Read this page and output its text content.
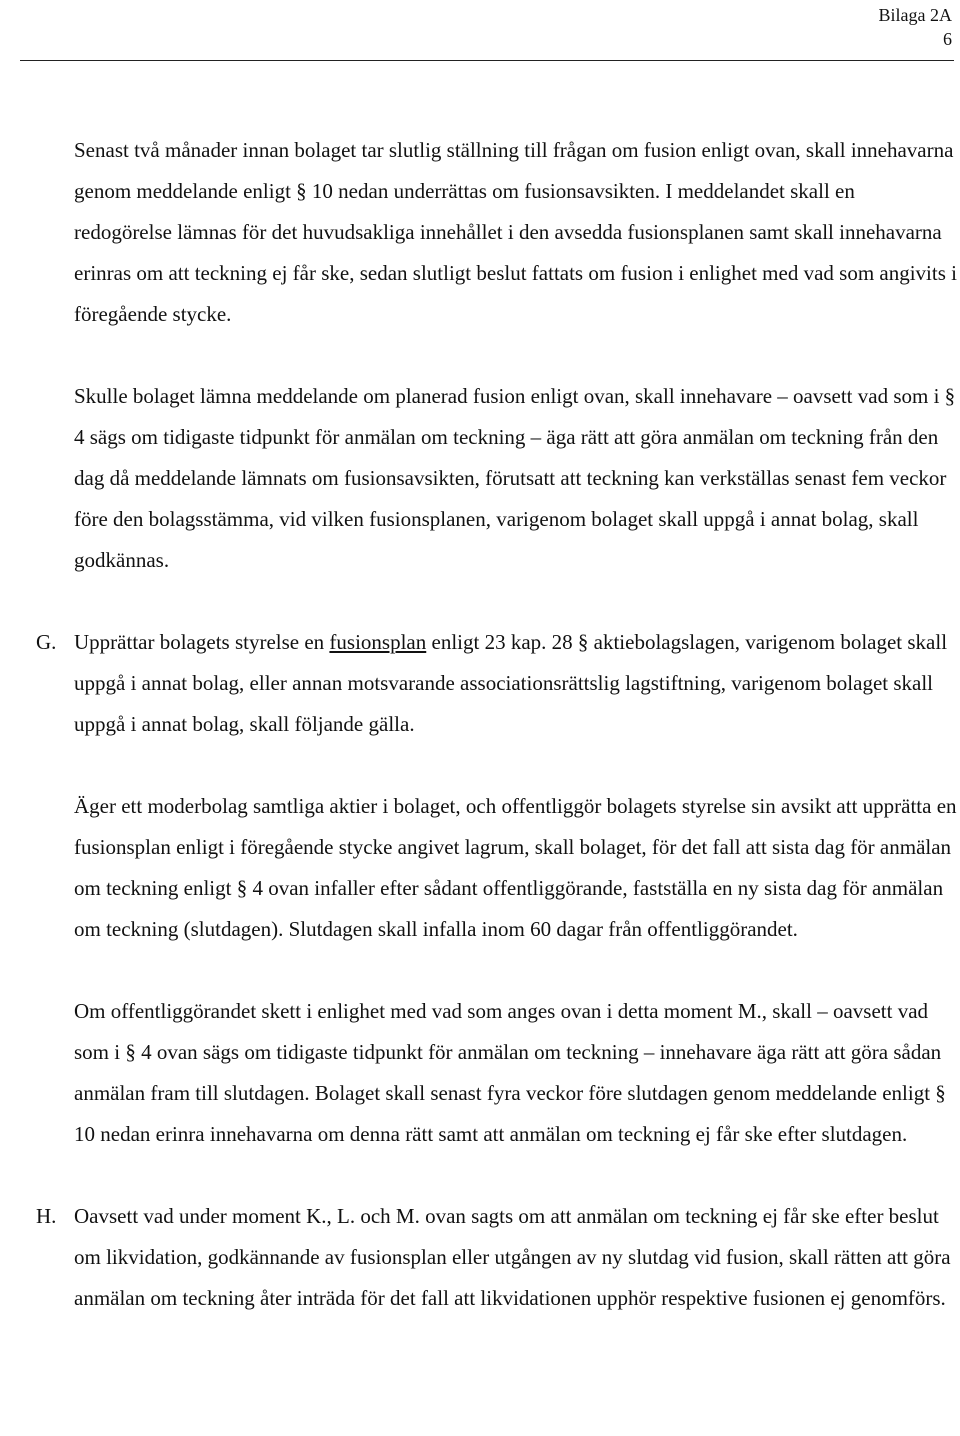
Bilaga 2A
6

Senast två månader innan bolaget tar slutlig ställning till frågan om fusion enligt ovan, skall innehavarna genom meddelande enligt § 10 nedan underrättas om fusionsavsikten. I meddelandet skall en redogörelse lämnas för det huvudsakliga innehållet i den avsedda fusionsplanen samt skall innehavarna erinras om att teckning ej får ske, sedan slutligt beslut fattats om fusion i enlighet med vad som angivits i föregående stycke.

Skulle bolaget lämna meddelande om planerad fusion enligt ovan, skall innehavare – oavsett vad som i § 4 sägs om tidigaste tidpunkt för anmälan om teckning – äga rätt att göra anmälan om teckning från den dag då meddelande lämnats om fusionsavsikten, förutsatt att teckning kan verkställas senast fem veckor före den bolagsstämma, vid vilken fusionsplanen, varigenom bolaget skall uppgå i annat bolag, skall godkännas.

G. Upprättar bolagets styrelse en fusionsplan enligt 23 kap. 28 § aktiebolagslagen, varigenom bolaget skall uppgå i annat bolag, eller annan motsvarande associationsrättslig lagstiftning, varigenom bolaget skall uppgå i annat bolag, skall följande gälla.

Äger ett moderbolag samtliga aktier i bolaget, och offentliggör bolagets styrelse sin avsikt att upprätta en fusionsplan enligt i föregående stycke angivet lagrum, skall bolaget, för det fall att sista dag för anmälan om teckning enligt § 4 ovan infaller efter sådant offentliggörande, fastställa en ny sista dag för anmälan om teckning (slutdagen). Slutdagen skall infalla inom 60 dagar från offentliggörandet.

Om offentliggörandet skett i enlighet med vad som anges ovan i detta moment M., skall – oavsett vad som i § 4 ovan sägs om tidigaste tidpunkt för anmälan om teckning – innehavare äga rätt att göra sådan anmälan fram till slutdagen. Bolaget skall senast fyra veckor före slutdagen genom meddelande enligt § 10 nedan erinra innehavarna om denna rätt samt att anmälan om teckning ej får ske efter slutdagen.

H. Oavsett vad under moment K., L. och M. ovan sagts om att anmälan om teckning ej får ske efter beslut om likvidation, godkännande av fusionsplan eller utgången av ny slutdag vid fusion, skall rätten att göra anmälan om teckning åter inträda för det fall att likvidationen upphör respektive fusionen ej genomförs.
